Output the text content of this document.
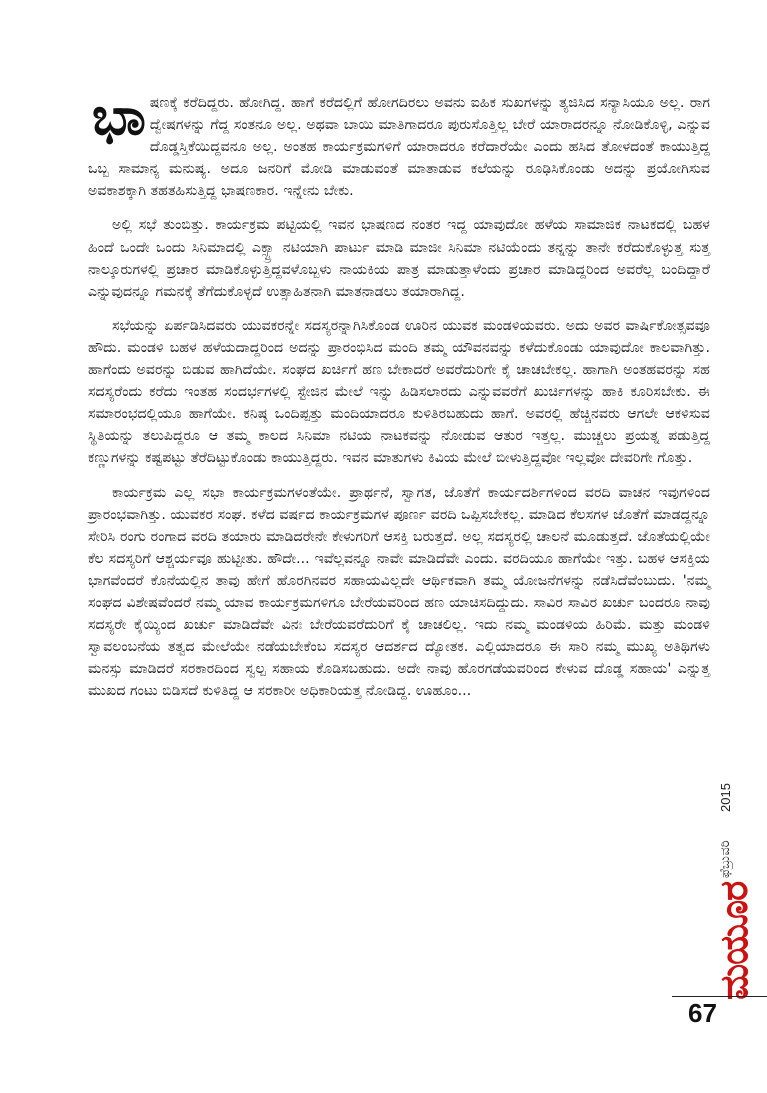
ಭಾಷಣಕ್ಕೆ ಕರೆದಿದ್ದರು. ಹೋಗಿದ್ದ. ಹಾಗೆ ಕರೆದಲ್ಲಿಗೆ ಹೋಗದಿರಲು ಅವನು ಐಹಿಕ ಸುಖಗಳನ್ನು ತ್ಯಜಿಸಿದ ಸನ್ಯಾಸಿಯೂ ಅಲ್ಲ. ರಾಗ ದ್ವೇಷಗಳನ್ನು ಗೆದ್ದ ಸಂತನೂ ಅಲ್ಲ. ಅಥವಾ ಬಾಯಿ ಮಾತಿಗಾದರೂ ಪುರುಸೊತ್ತಿಲ್ಲ ಬೇರೆ ಯಾರಾದರನ್ನೂ ನೋಡಿಕೊಳ್ಳಿ, ಎನ್ನುವ ದೊಡ್ಡಸ್ತಿಕೆಯಿದ್ದವನೂ ಅಲ್ಲ. ಅಂತಹ ಕಾರ್ಯಕ್ರಮಗಳಿಗೆ ಯಾರಾದರೂ ಕರೆದಾರೆಯೇ ಎಂದು ಹಸಿದ ತೋಳದಂತೆ ಕಾಯುತ್ತಿದ್ದ ಒಬ್ಬ ಸಾಮಾನ್ಯ ಮನುಷ್ಯ. ಅದೂ ಜನರಿಗೆ ಮೋಡಿ ಮಾಡುವಂತೆ ಮಾತಾಡುವ ಕಲೆಯನ್ನು ರೂಢಿಸಿಕೊಂಡು ಅದನ್ನು ಪ್ರಯೋಗಿಸುವ ಅವಕಾಶಕ್ಕಾಗಿ ತಹತಹಿಸುತ್ತಿದ್ದ ಭಾಷಣಕಾರ. ಇನ್ನೇನು ಬೇಕು.

ಅಲ್ಲಿ ಸಭೆ ತುಂಬಿತ್ತು. ಕಾರ್ಯಕ್ರಮ ಪಟ್ಟಿಯಲ್ಲಿ ಇವನ ಭಾಷಣದ ನಂತರ ಇದ್ದ ಯಾವುದೋ ಹಳೆಯ ಸಾಮಾಜಿಕ ನಾಟಕದಲ್ಲಿ ಬಹಳ ಹಿಂದೆ ಒಂದೇ ಒಂದು ಸಿನಿಮಾದಲ್ಲಿ ಎಕ್ಸ್ಟ್ರಾ ನಟಿಯಾಗಿ ಪಾರ್ಟು ಮಾಡಿ ಮಾಜೀ ಸಿನಿಮಾ ನಟಿಯೆಂದು ತನ್ನನ್ನು ತಾನೇ ಕರೆದುಕೊಳ್ಳುತ್ತ ಸುತ್ತ ನಾಲ್ಕೂರುಗಳಲ್ಲಿ ಪ್ರಚಾರ ಮಾಡಿಕೊಳ್ಳುತ್ತಿದ್ದವಳೊಬ್ಬಳು ನಾಯಕಿಯ ಪಾತ್ರ ಮಾಡುತ್ತಾಳೆಂದು ಪ್ರಚಾರ ಮಾಡಿದ್ದರಿಂದ ಅವರೆಲ್ಲ ಬಂದಿದ್ದಾರೆ ಎನ್ನುವುದನ್ನೂ ಗಮನಕ್ಕೆ ತೆಗೆದುಕೊಳ್ಳದೆ ಉತ್ಸಾಹಿತನಾಗಿ ಮಾತನಾಡಲು ತಯಾರಾಗಿದ್ದ.

ಸಭೆಯನ್ನು ಏರ್ಪಡಿಸಿದವರು ಯುವಕರನ್ನೇ ಸದಸ್ಯರನ್ನಾಗಿಸಿಕೊಂಡ ಊರಿನ ಯುವಕ ಮಂಡಳಿಯವರು. ಅದು ಅವರ ವಾರ್ಷಿಕೋತ್ಸವವೂ ಹೌದು. ಮಂಡಳಿ ಬಹಳ ಹಳೆಯದಾದ್ದರಿಂದ ಅದನ್ನು ಪ್ರಾರಂಭಿಸಿದ ಮಂದಿ ತಮ್ಮ ಯೌವನವನ್ನು ಕಳೆದುಕೊಂಡು ಯಾವುದೋ ಕಾಲವಾಗಿತ್ತು. ಹಾಗೆಂದು ಅವರನ್ನು ಬಿಡುವ ಹಾಗಿದೆಯೇ. ಸಂಘದ ಖರ್ಚಿಗೆ ಹಣ ಬೇಕಾದರೆ ಅವರೆದುರಿಗೇ ಕೈ ಚಾಚಬೇಕಲ್ಲ. ಹಾಗಾಗಿ ಅಂತಹವರನ್ನು ಸಹ ಸದಸ್ಯರೆಂದು ಕರೆದು ಇಂತಹ ಸಂದರ್ಭಗಳಲ್ಲಿ ಸ್ಟೇಜಿನ ಮೇಲೆ ಇನ್ನು ಹಿಡಿಸಲಾರದು ಎನ್ನುವವರೆಗೆ ಖುರ್ಚಿಗಳನ್ನು ಹಾಕಿ ಕೂರಿಸಬೇಕು. ಈ ಸಮಾರಂಭದಲ್ಲಿಯೂ ಹಾಗೆಯೇ. ಕನಿಷ್ಠ ಒಂದಿಪ್ಪತ್ತು ಮಂದಿಯಾದರೂ ಕುಳಿತಿರಬಹುದು ಹಾಗೆ. ಅವರಲ್ಲಿ ಹೆಚ್ಚಿನವರು ಆಗಲೇ ಆಕಳಿಸುವ ಸ್ಥಿತಿಯನ್ನು ತಲುಪಿದ್ದರೂ ಆ ತಮ್ಮ ಕಾಲದ ಸಿನಿಮಾ ನಟಿಯ ನಾಟಕವನ್ನು ನೋಡುವ ಆತುರ ಇತ್ತಲ್ಲ. ಮುಚ್ಚಲು ಪ್ರಯತ್ನ ಪಡುತ್ತಿದ್ದ ಕಣ್ಣುಗಳನ್ನು ಕಷ್ಟಪಟ್ಟು ತೆರೆದಿಟ್ಟುಕೊಂಡು ಕಾಯುತ್ತಿದ್ದರು. ಇವನ ಮಾತುಗಳು ಕಿವಿಯ ಮೇಲೆ ಬೀಳುತ್ತಿದ್ದವೋ ಇಲ್ಲವೋ ದೇವರಿಗೇ ಗೊತ್ತು.

ಕಾರ್ಯಕ್ರಮ ಎಲ್ಲ ಸಭಾ ಕಾರ್ಯಕ್ರಮಗಳಂತೆಯೇ. ಪ್ರಾರ್ಥನೆ, ಸ್ವಾಗತ, ಜೊತೆಗೆ ಕಾರ್ಯದರ್ಶಿಗಳಿಂದ ವರದಿ ವಾಚನ ಇವುಗಳಿಂದ ಪ್ರಾರಂಭವಾಗಿತ್ತು. ಯುವಕರ ಸಂಘ. ಕಳೆದ ವರ್ಷದ ಕಾರ್ಯಕ್ರಮಗಳ ಪೂರ್ಣ ವರದಿ ಒಪ್ಪಿಸಬೇಕಲ್ಲ. ಮಾಡಿದ ಕೆಲಸಗಳ ಜೊತೆಗೆ ಮಾಡದ್ದನ್ನೂ ಸೇರಿಸಿ ರಂಗು ರಂಗಾದ ವರದಿ ತಯಾರು ಮಾಡಿದರೇನೇ ಕೇಳುಗರಿಗೆ ಆಸಕ್ತಿ ಬರುತ್ತದೆ. ಅಲ್ಲ ಸದಸ್ಯರಲ್ಲಿ ಚಾಲನೆ ಮೂಡುತ್ತದೆ. ಜೊತೆಯಲ್ಲಿಯೇ ಕೆಲ ಸದಸ್ಯರಿಗೆ ಆಶ್ಚರ್ಯವೂ ಹುಟ್ಟೀತು. ಹೌದೇ... ಇವೆಲ್ಲವನ್ನೂ ನಾವೇ ಮಾಡಿದೆವೇ ಎಂದು. ವರದಿಯೂ ಹಾಗೆಯೇ ಇತ್ತು. ಬಹಳ ಆಸಕ್ತಿಯ ಭಾಗವೆಂದರೆ ಕೊನೆಯಲ್ಲಿನ ತಾವು ಹೇಗೆ ಹೊರಗಿನವರ ಸಹಾಯವಿಲ್ಲದೇ ಆರ್ಥಿಕವಾಗಿ ತಮ್ಮ ಯೋಜನೆಗಳನ್ನು ನಡೆಸಿದೆವೆಂಬುದು. 'ನಮ್ಮ ಸಂಘದ ವಿಶೇಷವೆಂದರೆ ನಮ್ಮ ಯಾವ ಕಾರ್ಯಕ್ರಮಗಳಿಗೂ ಬೇರೆಯವರಿಂದ ಹಣ ಯಾಚಿಸದಿದ್ದುದು. ಸಾವಿರ ಸಾವಿರ ಖರ್ಚು ಬಂದರೂ ನಾವು ಸದಸ್ಯರೇ ಕೈಯ್ಯಿಂದ ಖರ್ಚು ಮಾಡಿದೆವೇ ವಿನಃ ಬೇರೆಯವರೆದುರಿಗೆ ಕೈ ಚಾಚಲಿಲ್ಲ. ಇದು ನಮ್ಮ ಮಂಡಳಿಯ ಹಿರಿಮೆ. ಮತ್ತು ಮಂಡಳಿ ಸ್ವಾವಲಂಬನೆಯ ತತ್ವದ ಮೇಲೆಯೇ ನಡೆಯಬೇಕೆಂಬ ಸದಸ್ಯರ ಆದರ್ಶದ ದ್ಯೋತಕ. ಎಲ್ಲಿಯಾದರೂ ಈ ಸಾರಿ ನಮ್ಮ ಮುಖ್ಯ ಅತಿಥಿಗಳು ಮನಸ್ಸು ಮಾಡಿದರೆ ಸರಕಾರದಿಂದ ಸ್ವಲ್ಪ ಸಹಾಯ ಕೊಡಿಸಬಹುದು. ಅದೇ ನಾವು ಹೊರಗಡೆಯವರಿಂದ ಕೇಳುವ ದೊಡ್ಡ ಸಹಾಯ' ಎನ್ನುತ್ತ ಮುಖದ ಗಂಟು ಬಿಡಿಸದೆ ಕುಳಿತಿದ್ದ ಆ ಸರಕಾರೀ ಅಧಿಕಾರಿಯತ್ತ ನೋಡಿದ್ದ. ಊಹೂಂ...

2015
ಫೆಬ್ರುವರಿ
ಮಯೂರ
67
